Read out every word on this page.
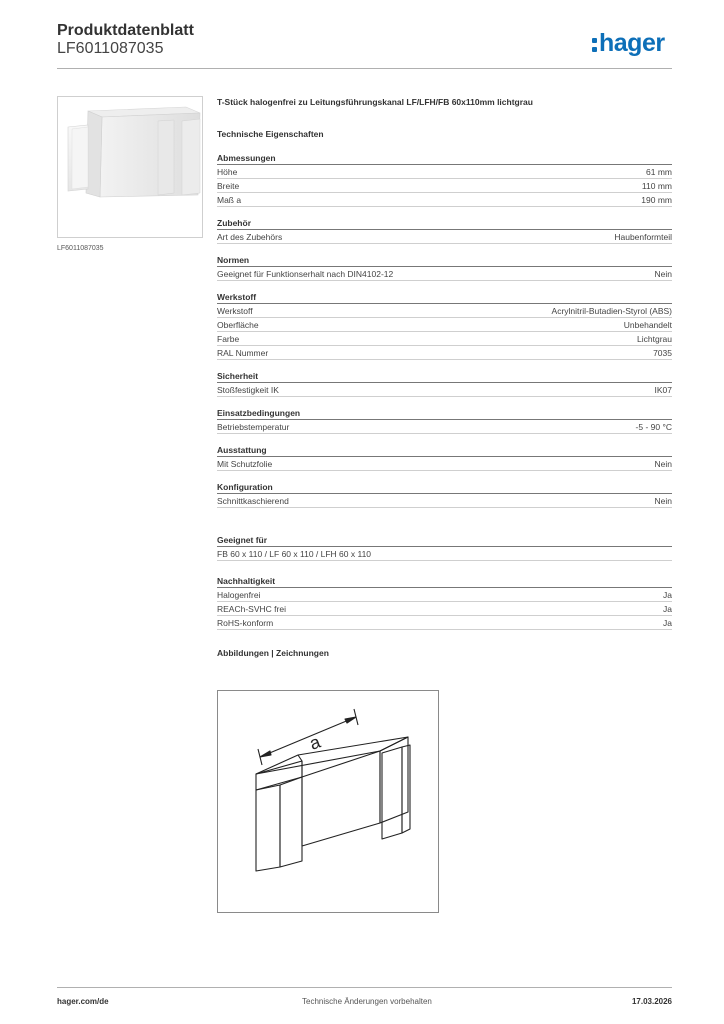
Produktdatenblatt
LF6011087035	hager
LF6011087035
T-Stück halogenfrei zu Leitungsführungskanal LF/LFH/FB 60x110mm lichtgrau
Technische Eigenschaften
Abmessungen
Höhe	61 mm
Breite	110 mm
Maß a	190 mm
Zubehör
Art des Zubehörs	Haubenformteil
Normen
Geeignet für Funktionserhalt nach DIN4102-12	Nein
Werkstoff
Werkstoff	Acrylnitril-Butadien-Styrol (ABS)
Oberfläche	Unbehandelt
Farbe	Lichtgrau
RAL Nummer	7035
Sicherheit
Stoßfestigkeit IK	IK07
Einsatzbedingungen
Betriebstemperatur	-5 - 90 °C
Ausstattung
Mit Schutzfolie	Nein
Konfiguration
Schnittkaschierend	Nein
Geeignet für
FB 60 x 110 / LF 60 x 110 / LFH 60 x 110
Nachhaltigkeit
Halogenfrei	Ja
REACh-SVHC frei	Ja
RoHS-konform	Ja
Abbildungen | Zeichnungen
a
hager.com/de	Technische Änderungen vorbehalten	17.03.2026
